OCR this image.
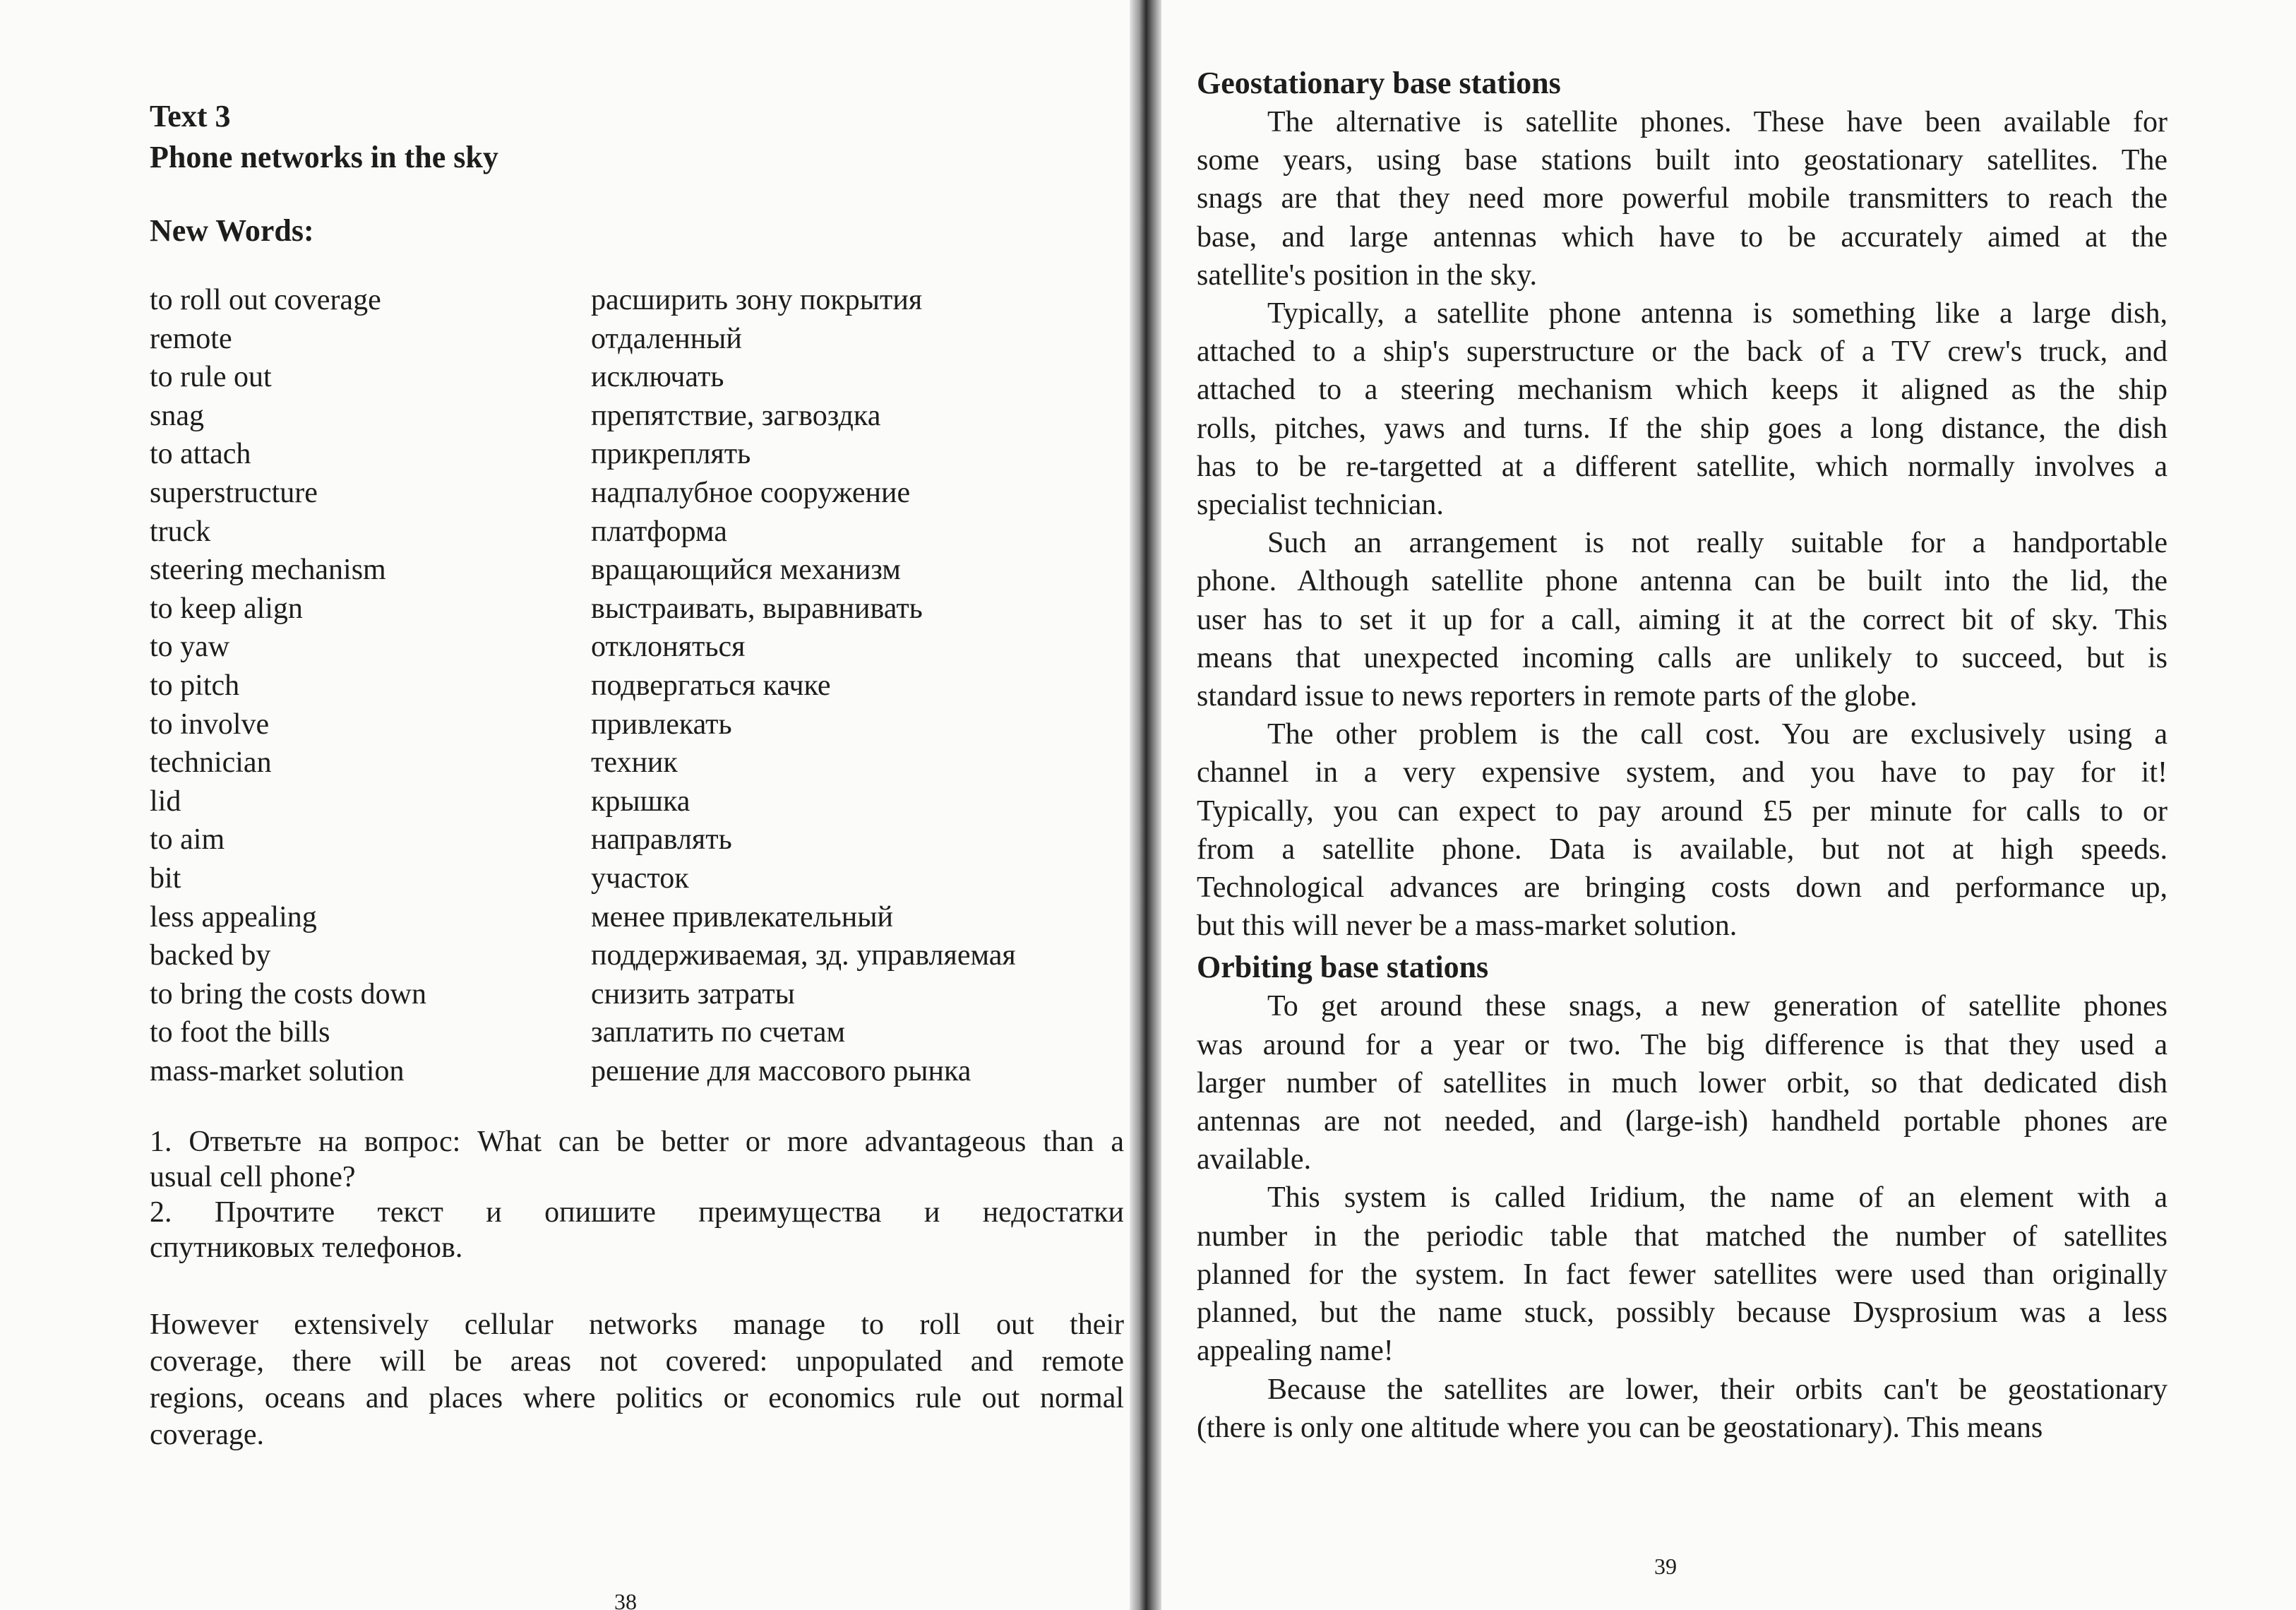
Text 3

Phone networks in the sky

New Words:

to roll out coverage	расширить зону покрытия
remote	отдаленный
to rule out	исключать
snag	препятствие, загвоздка
to attach	прикреплять
superstructure	надпалубное сооружение
truck	платформа
steering mechanism	вращающийся механизм
to keep align	выстраивать, выравнивать
to yaw	отклоняться
to pitch	подвергаться качке
to involve	привлекать
technician	техник
lid	крышка
to aim	направлять
bit	участок
less appealing	менее привлекательный
backed by	поддерживаемая, зд. управляемая
to bring the costs down	снизить затраты
to foot the bills	заплатить по счетам
mass-market solution	решение для массового рынка

1. Ответьте на вопрос: What can be better or more advantageous than a

usual cell phone?

2. Прочтите текст и опишите преимущества и недостатки

спутниковых телефонов.

However extensively cellular networks manage to roll out their
coverage, there will be areas not covered: unpopulated and remote
regions, oceans and places where politics or economics rule out normal
coverage.
38

Geostationary base stations

The alternative is satellite phones. These have been available for
some years, using base stations built into geostationary satellites. The
snags are that they need more powerful mobile transmitters to reach the
base, and large antennas which have to be accurately aimed at the
satellite's position in the sky.
Typically, a satellite phone antenna is something like a large dish,
attached to a ship's superstructure or the back of a TV crew's truck, and
attached to a steering mechanism which keeps it aligned as the ship
rolls, pitches, yaws and turns. If the ship goes a long distance, the dish
has to be re-targetted at a different satellite, which normally involves a
specialist technician.
Such an arrangement is not really suitable for a handportable
phone. Although satellite phone antenna can be built into the lid, the
user has to set it up for a call, aiming it at the correct bit of sky. This
means that unexpected incoming calls are unlikely to succeed, but is
standard issue to news reporters in remote parts of the globe.
The other problem is the call cost. You are exclusively using a
channel in a very expensive system, and you have to pay for it!
Typically, you can expect to pay around £5 per minute for calls to or
from a satellite phone. Data is available, but not at high speeds.
Technological advances are bringing costs down and performance up,
but this will never be a mass-market solution.

Orbiting base stations

To get around these snags, a new generation of satellite phones
was around for a year or two. The big difference is that they used a
larger number of satellites in much lower orbit, so that dedicated dish
antennas are not needed, and (large-ish) handheld portable phones are
available.
This system is called Iridium, the name of an element with a
number in the periodic table that matched the number of satellites
planned for the system. In fact fewer satellites were used than originally
planned, but the name stuck, possibly because Dysprosium was a less
appealing name!
Because the satellites are lower, their orbits can't be geostationary
(there is only one altitude where you can be geostationary). This means
39
